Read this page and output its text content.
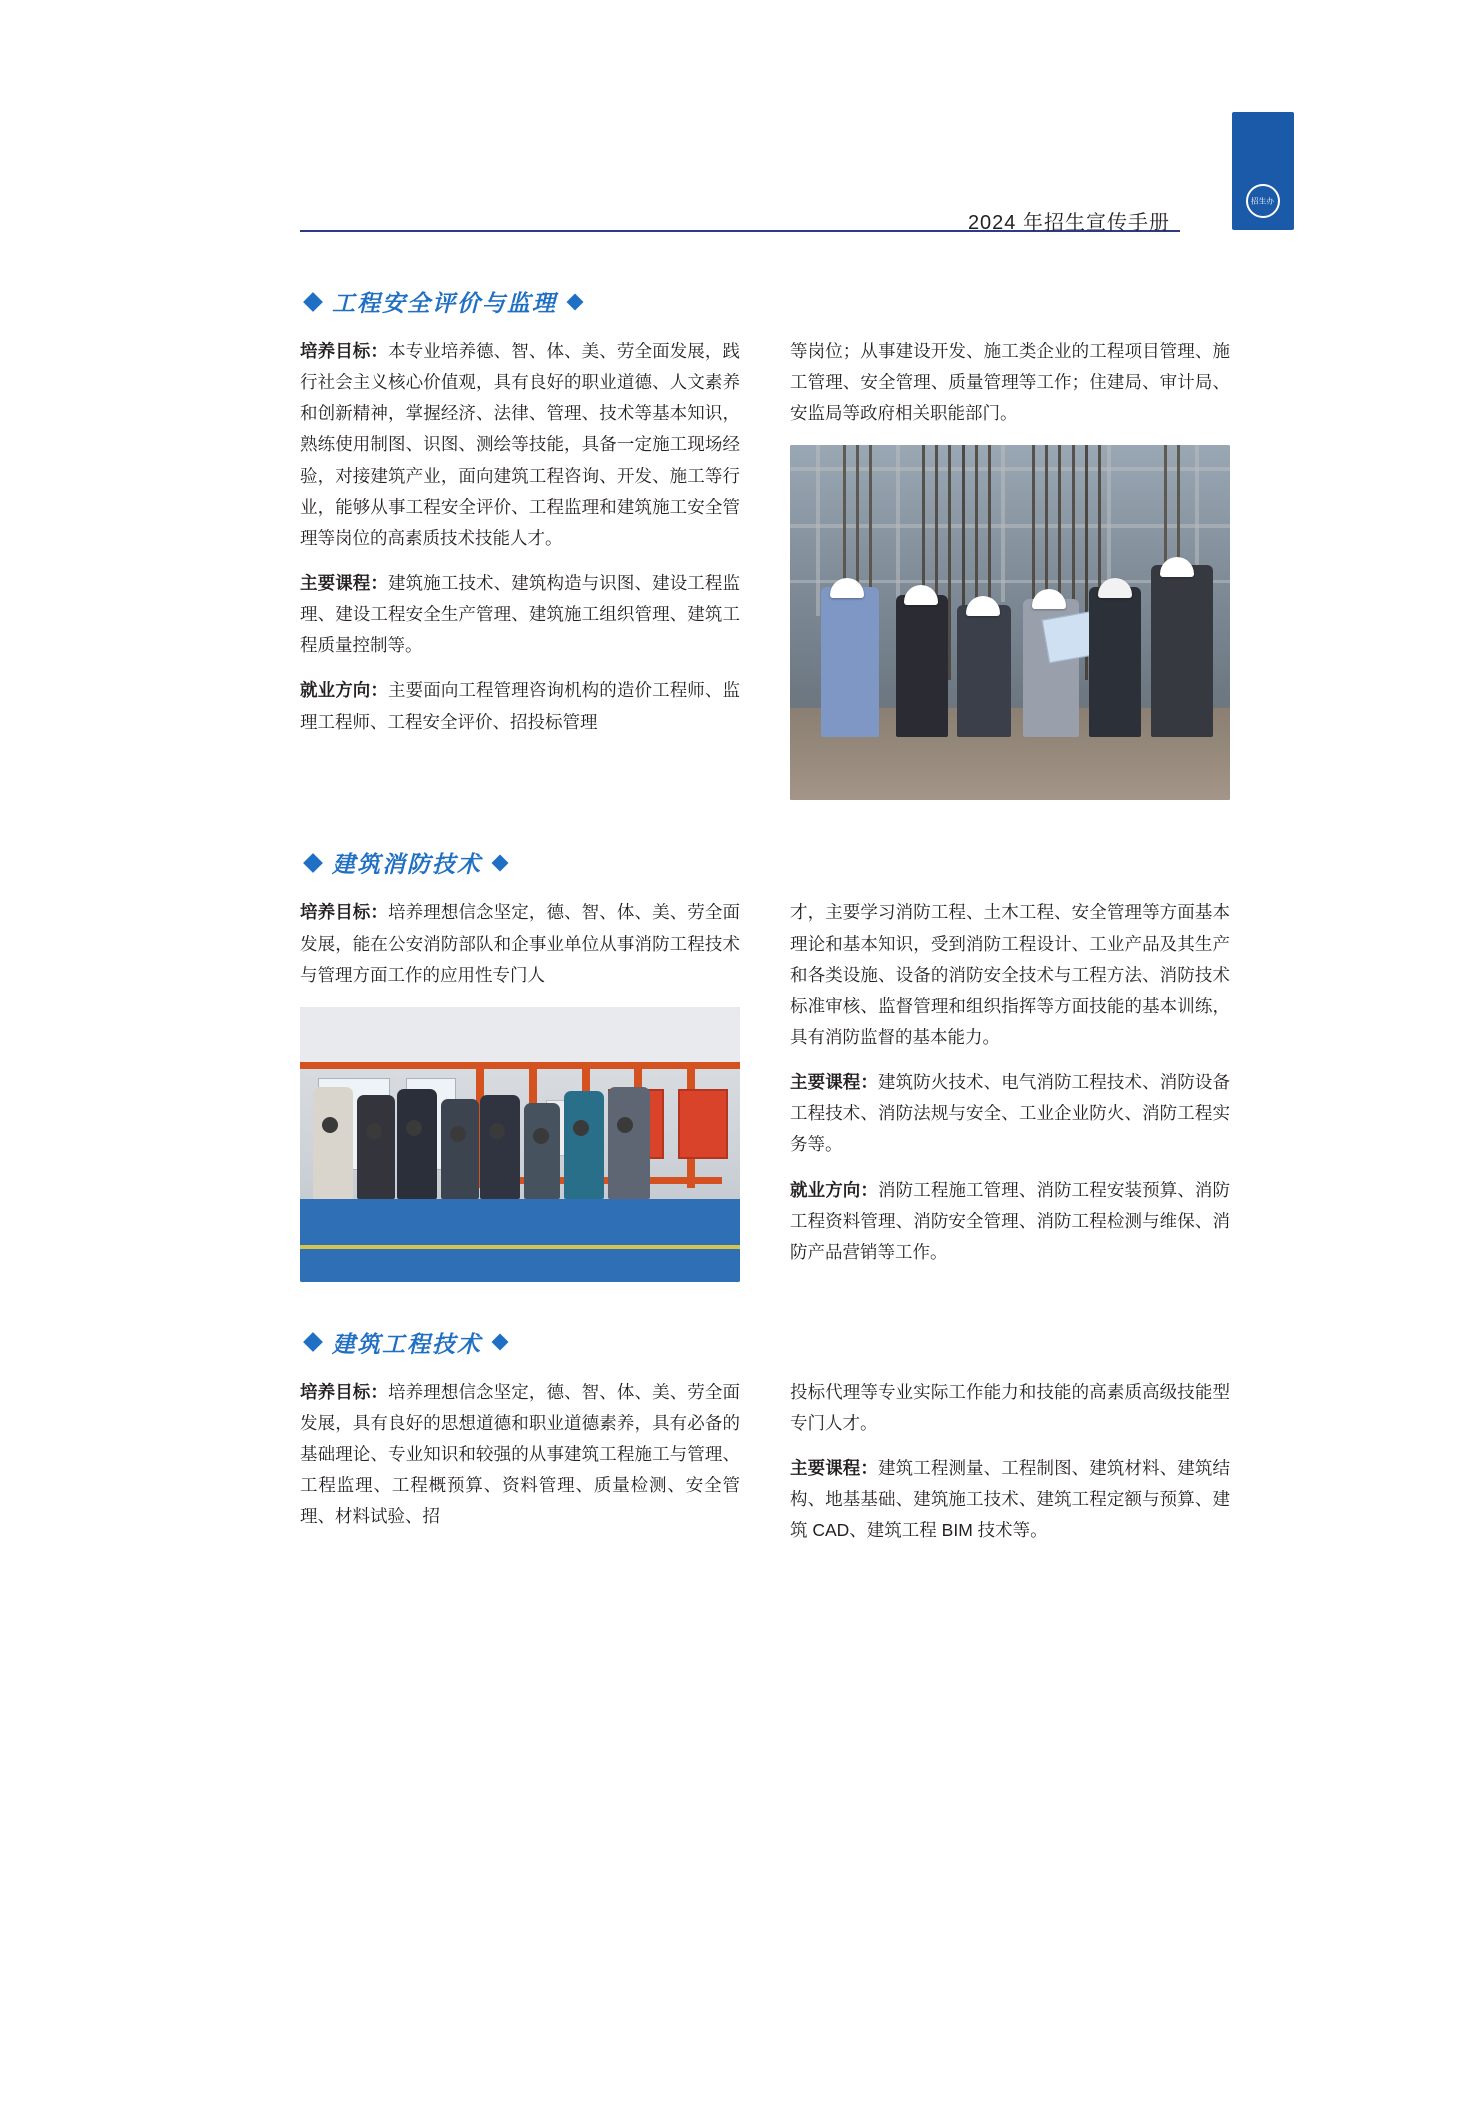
2024 年招生宣传手册
招生办
工程安全评价与监理

培养目标：本专业培养德、智、体、美、劳全面发展，践行社会主义核心价值观，具有良好的职业道德、人文素养和创新精神，掌握经济、法律、管理、技术等基本知识，熟练使用制图、识图、测绘等技能，具备一定施工现场经验，对接建筑产业，面向建筑工程咨询、开发、施工等行业，能够从事工程安全评价、工程监理和建筑施工安全管理等岗位的高素质技术技能人才。

主要课程：建筑施工技术、建筑构造与识图、建设工程监理、建设工程安全生产管理、建筑施工组织管理、建筑工程质量控制等。

就业方向：主要面向工程管理咨询机构的造价工程师、监理工程师、工程安全评价、招投标管理

等岗位；从事建设开发、施工类企业的工程项目管理、施工管理、安全管理、质量管理等工作；住建局、审计局、安监局等政府相关职能部门。

建筑消防技术

培养目标：培养理想信念坚定，德、智、体、美、劳全面发展，能在公安消防部队和企事业单位从事消防工程技术与管理方面工作的应用性专门人

才，主要学习消防工程、土木工程、安全管理等方面基本理论和基本知识，受到消防工程设计、工业产品及其生产和各类设施、设备的消防安全技术与工程方法、消防技术标准审核、监督管理和组织指挥等方面技能的基本训练，具有消防监督的基本能力。

主要课程：建筑防火技术、电气消防工程技术、消防设备工程技术、消防法规与安全、工业企业防火、消防工程实务等。

就业方向：消防工程施工管理、消防工程安装预算、消防工程资料管理、消防安全管理、消防工程检测与维保、消防产品营销等工作。

建筑工程技术

培养目标：培养理想信念坚定，德、智、体、美、劳全面发展，具有良好的思想道德和职业道德素养，具有必备的基础理论、专业知识和较强的从事建筑工程施工与管理、工程监理、工程概预算、资料管理、质量检测、安全管理、材料试验、招

投标代理等专业实际工作能力和技能的高素质高级技能型专门人才。

主要课程：建筑工程测量、工程制图、建筑材料、建筑结构、地基基础、建筑施工技术、建筑工程定额与预算、建筑 CAD、建筑工程 BIM 技术等。
